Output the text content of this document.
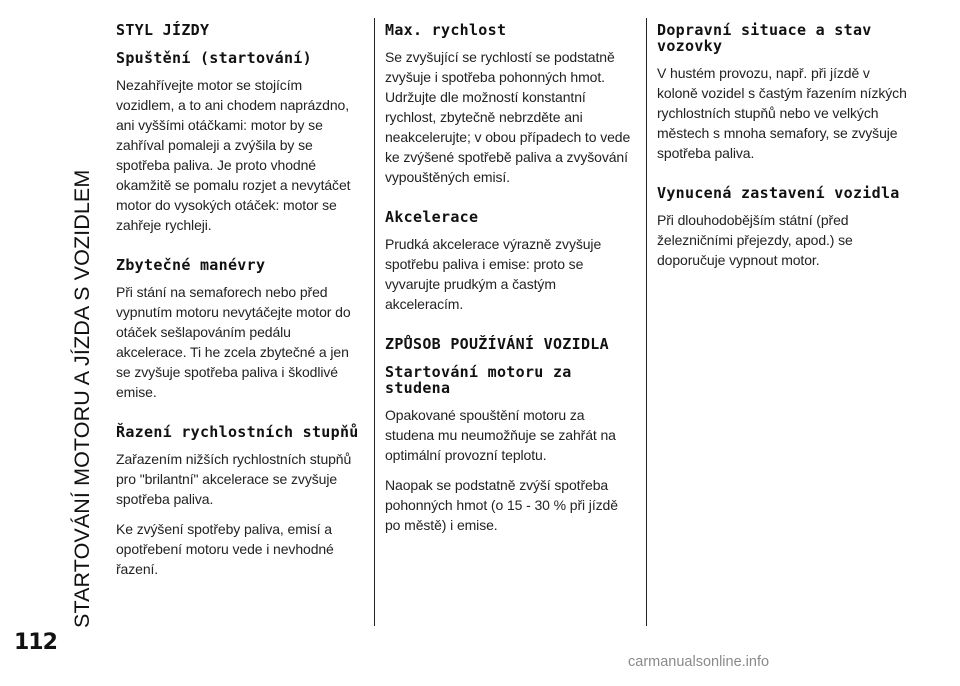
STARTOVÁNÍ MOTORU A JÍZDA S VOZIDLEM
STYL JÍZDY
Spuštění (startování)

Nezahřívejte motor se stojícím vozidlem, a to ani chodem naprázdno, ani vyššími otáčkami: motor by se zahříval pomaleji a zvýšila by se spotřeba paliva. Je proto vhodné okamžitě se pomalu rozjet a nevytáčet motor do vysokých otáček: motor se zahřeje rychleji.

Zbytečné manévry

Při stání na semaforech nebo před vypnutím motoru nevytáčejte motor do otáček sešlapováním pedálu akcelerace. Ti he zcela zbytečné a jen se zvyšuje spotřeba paliva i škodlivé emise.

Řazení rychlostních stupňů

Zařazením nižších rychlostních stupňů pro "brilantní" akcelerace se zvyšuje spotřeba paliva.

Ke zvýšení spotřeby paliva, emisí a opotřebení motoru vede i nevhodné řazení.

Max. rychlost

Se zvyšující se rychlostí se podstatně zvyšuje i spotřeba pohonných hmot. Udržujte dle možností konstantní rychlost, zbytečně nebrzděte ani neakcelerujte; v obou případech to vede ke zvýšené spotřebě paliva a zvyšování vypouštěných emisí.

Akcelerace

Prudká akcelerace výrazně zvyšuje spotřebu paliva i emise: proto se vyvarujte prudkým a častým akceleracím.

ZPŮSOB POUŽÍVÁNÍ VOZIDLA
Startování motoru za studena

Opakované spouštění motoru za studena mu neumožňuje se zahřát na optimální provozní teplotu.

Naopak se podstatně zvýší spotřeba pohonných hmot (o 15 - 30 % při jízdě po městě) i emise.

Dopravní situace a stav vozovky

V hustém provozu, např. při jízdě v koloně vozidel s častým řazením nízkých rychlostních stupňů nebo ve velkých městech s mnoha semafory, se zvyšuje spotřeba paliva.

Vynucená zastavení vozidla

Při dlouhodobějším státní (před železničními přejezdy, apod.) se doporučuje vypnout motor.

112
carmanualsonline.info
